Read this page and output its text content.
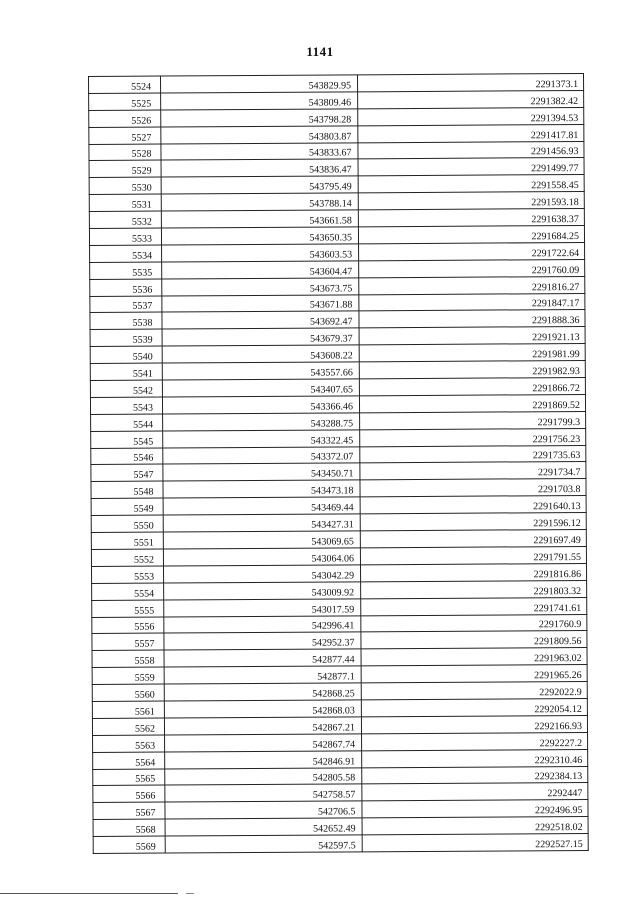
1141
5524	543829.95	2291373.1
5525	543809.46	2291382.42
5526	543798.28	2291394.53
5527	543803.87	2291417.81
5528	543833.67	2291456.93
5529	543836.47	2291499.77
5530	543795.49	2291558.45
5531	543788.14	2291593.18
5532	543661.58	2291638.37
5533	543650.35	2291684.25
5534	543603.53	2291722.64
5535	543604.47	2291760.09
5536	543673.75	2291816.27
5537	543671.88	2291847.17
5538	543692.47	2291888.36
5539	543679.37	2291921.13
5540	543608.22	2291981.99
5541	543557.66	2291982.93
5542	543407.65	2291866.72
5543	543366.46	2291869.52
5544	543288.75	2291799.3
5545	543322.45	2291756.23
5546	543372.07	2291735.63
5547	543450.71	2291734.7
5548	543473.18	2291703.8
5549	543469.44	2291640.13
5550	543427.31	2291596.12
5551	543069.65	2291697.49
5552	543064.06	2291791.55
5553	543042.29	2291816.86
5554	543009.92	2291803.32
5555	543017.59	2291741.61
5556	542996.41	2291760.9
5557	542952.37	2291809.56
5558	542877.44	2291963.02
5559	542877.1	2291965.26
5560	542868.25	2292022.9
5561	542868.03	2292054.12
5562	542867.21	2292166.93
5563	542867.74	2292227.2
5564	542846.91	2292310.46
5565	542805.58	2292384.13
5566	542758.57	2292447
5567	542706.5	2292496.95
5568	542652.49	2292518.02
5569	542597.5	2292527.15
